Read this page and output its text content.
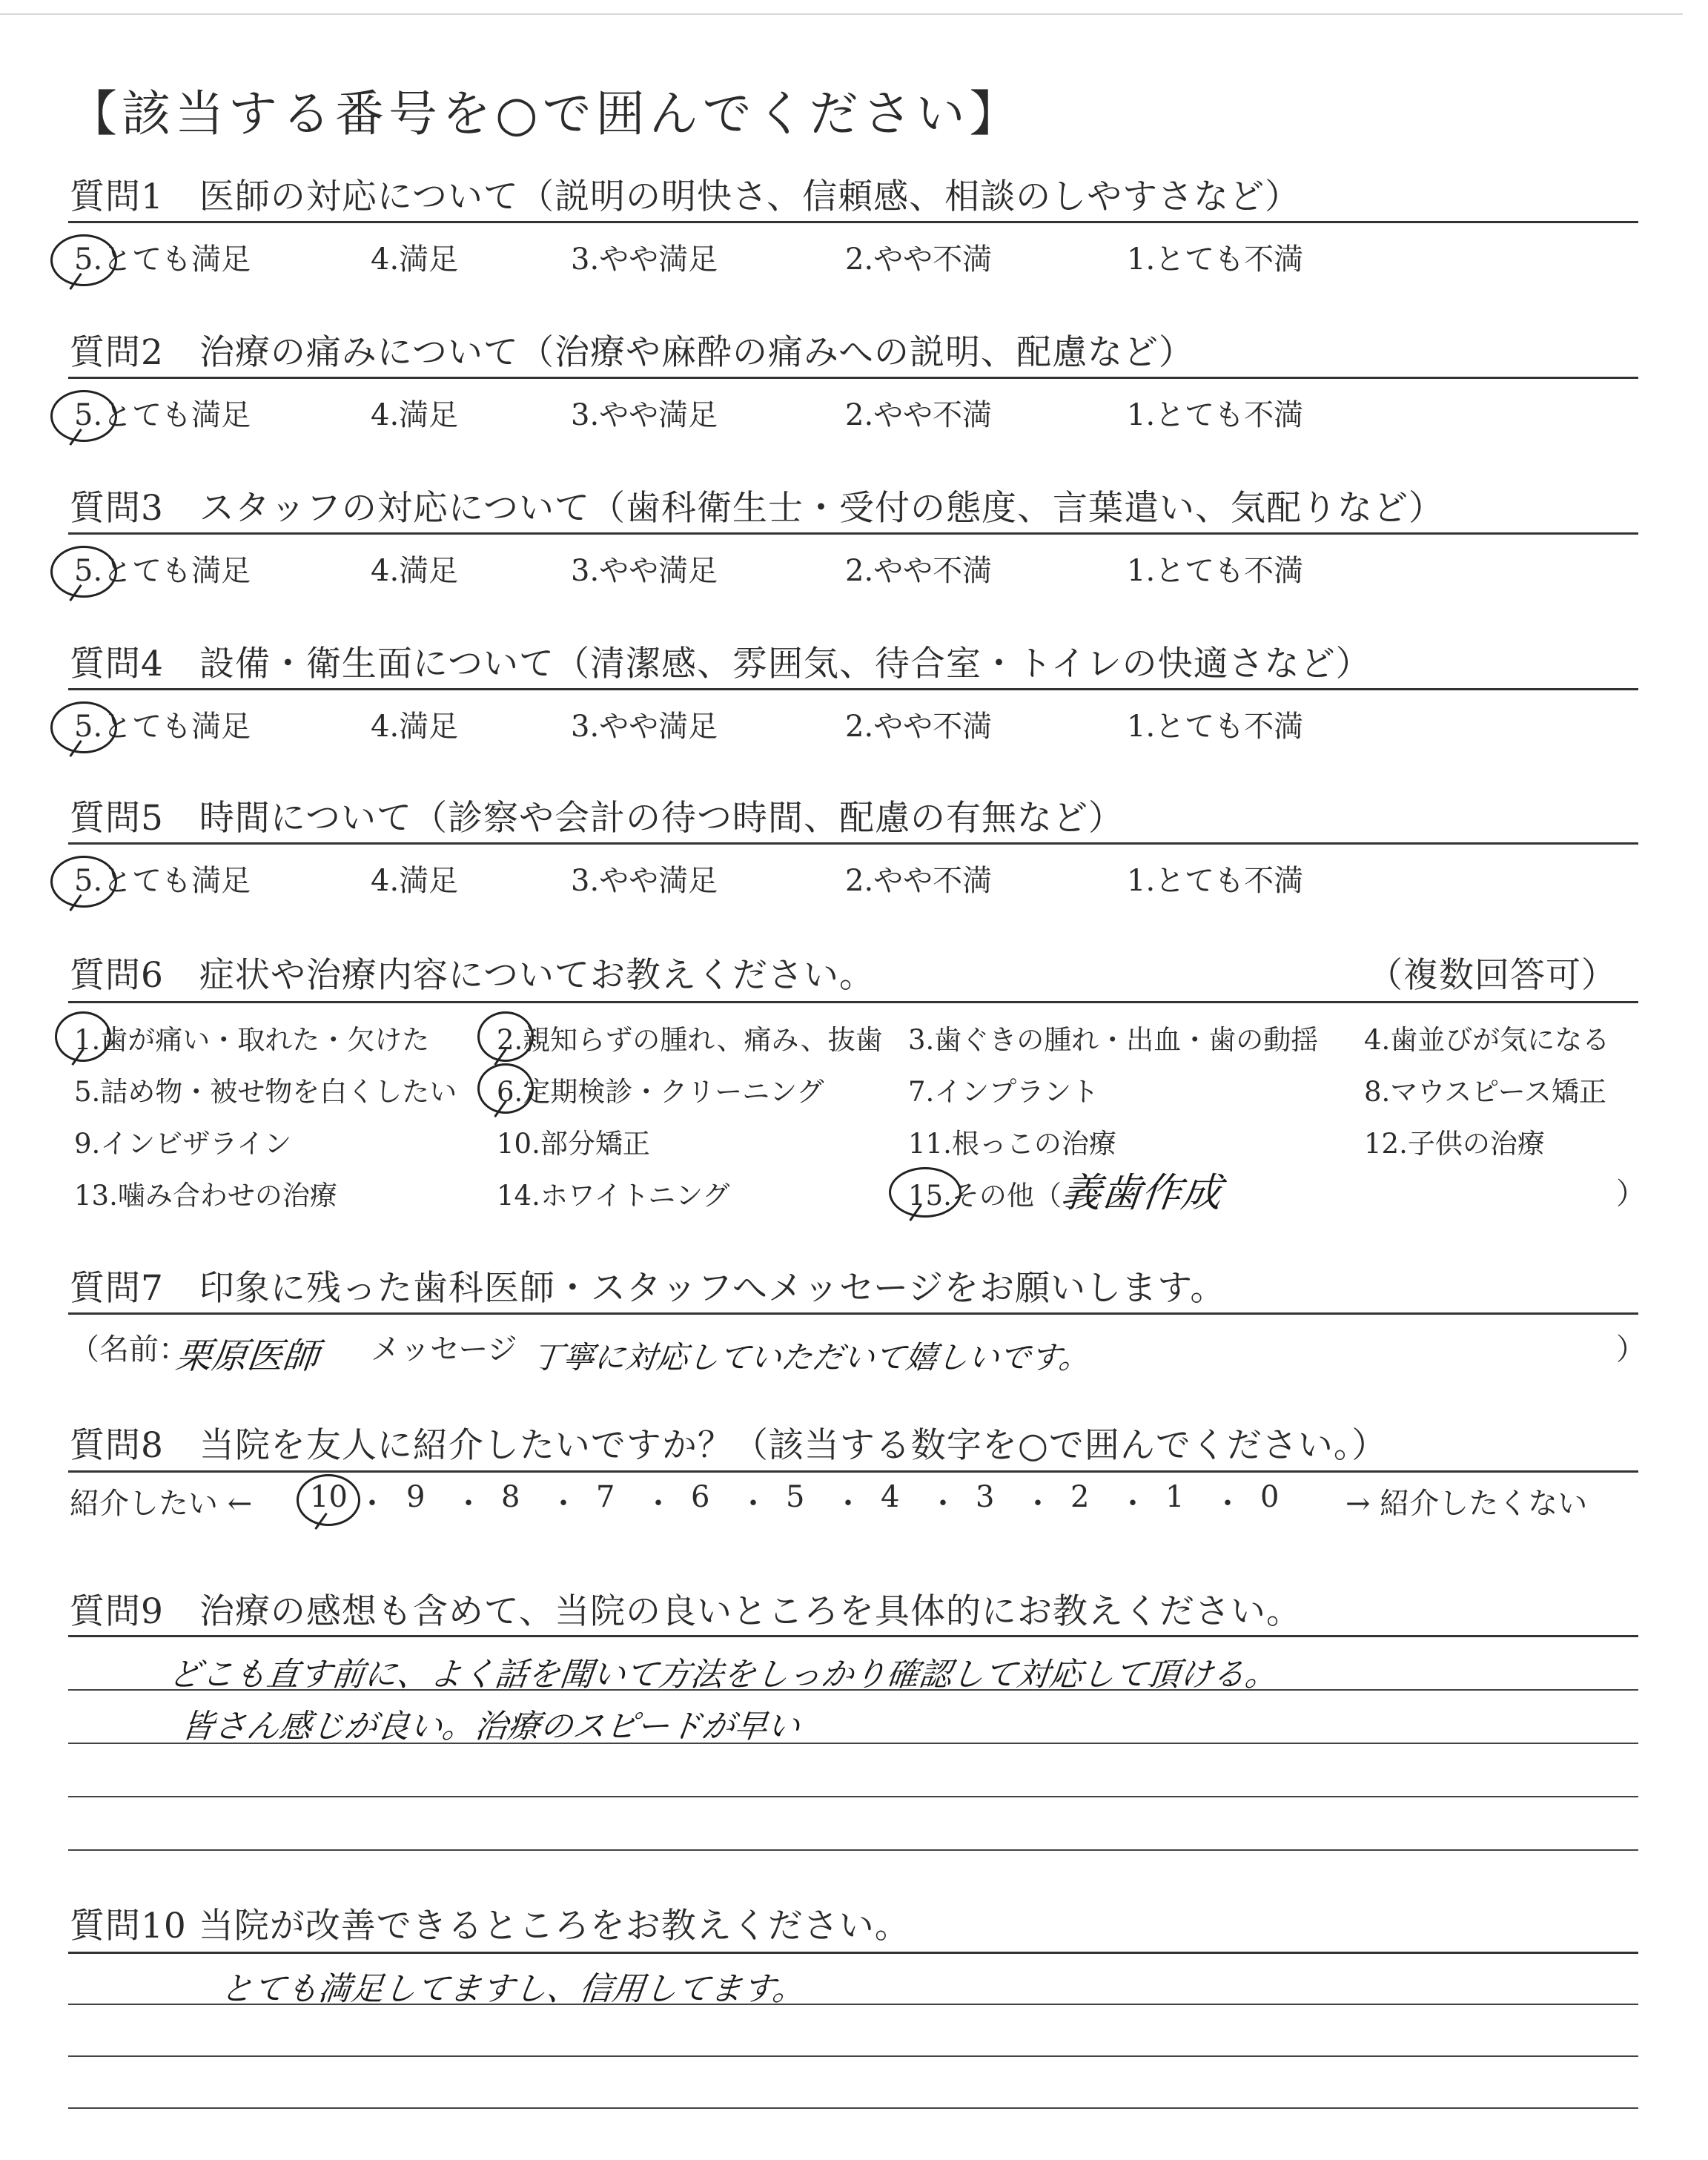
【該当する番号を○で囲んでください】
質問1　医師の対応について（説明の明快さ、信頼感、相談のしやすさなど）
5.とても満足	4.満足	3.やや満足	2.やや不満	1.とても不満
質問2　治療の痛みについて（治療や麻酔の痛みへの説明、配慮など）
5.とても満足	4.満足	3.やや満足	2.やや不満	1.とても不満
質問3　スタッフの対応について（歯科衛生士・受付の態度、言葉遣い、気配りなど）
5.とても満足	4.満足	3.やや満足	2.やや不満	1.とても不満
質問4　設備・衛生面について（清潔感、雰囲気、待合室・トイレの快適さなど）
5.とても満足	4.満足	3.やや満足	2.やや不満	1.とても不満
質問5　時間について（診察や会計の待つ時間、配慮の有無など）
5.とても満足	4.満足	3.やや満足	2.やや不満	1.とても不満
質問6　症状や治療内容についてお教えください。	（複数回答可）
1.歯が痛い・取れた・欠けた 2.親知らずの腫れ、痛み、抜歯 3.歯ぐきの腫れ・出血・歯の動揺 4.歯並びが気になる
5.詰め物・被せ物を白くしたい 6.定期検診・クリーニング	7.インプラント	8.マウスピース矯正
9.インビザライン	10.部分矯正	11.根っこの治療	12.子供の治療
13.噛み合わせの治療	14.ホワイトニング	15.その他（	）
義歯作成
質問7　印象に残った歯科医師・スタッフへメッセージをお願いします。
（名前：
栗原医師 メッセージ 丁寧に対応していただいて嬉しいです。	）
質問8　当院を友人に紹介したいですか？（該当する数字を○で囲んでください。）
紹介したい ← 10 ・ 9 ・ 8 ・ 7 ・ 6 ・ 5 ・ 4 ・ 3 ・ 2 ・ 1 ・ 0 → 紹介したくない
質問9　治療の感想も含めて、当院の良いところを具体的にお教えください。
どこも直す前に、よく話を聞いて方法をしっかり確認して対応して頂ける。
皆さん感じが良い。治療のスピードが早い
質問10 当院が改善できるところをお教えください。
とても満足してますし、信用してます。
